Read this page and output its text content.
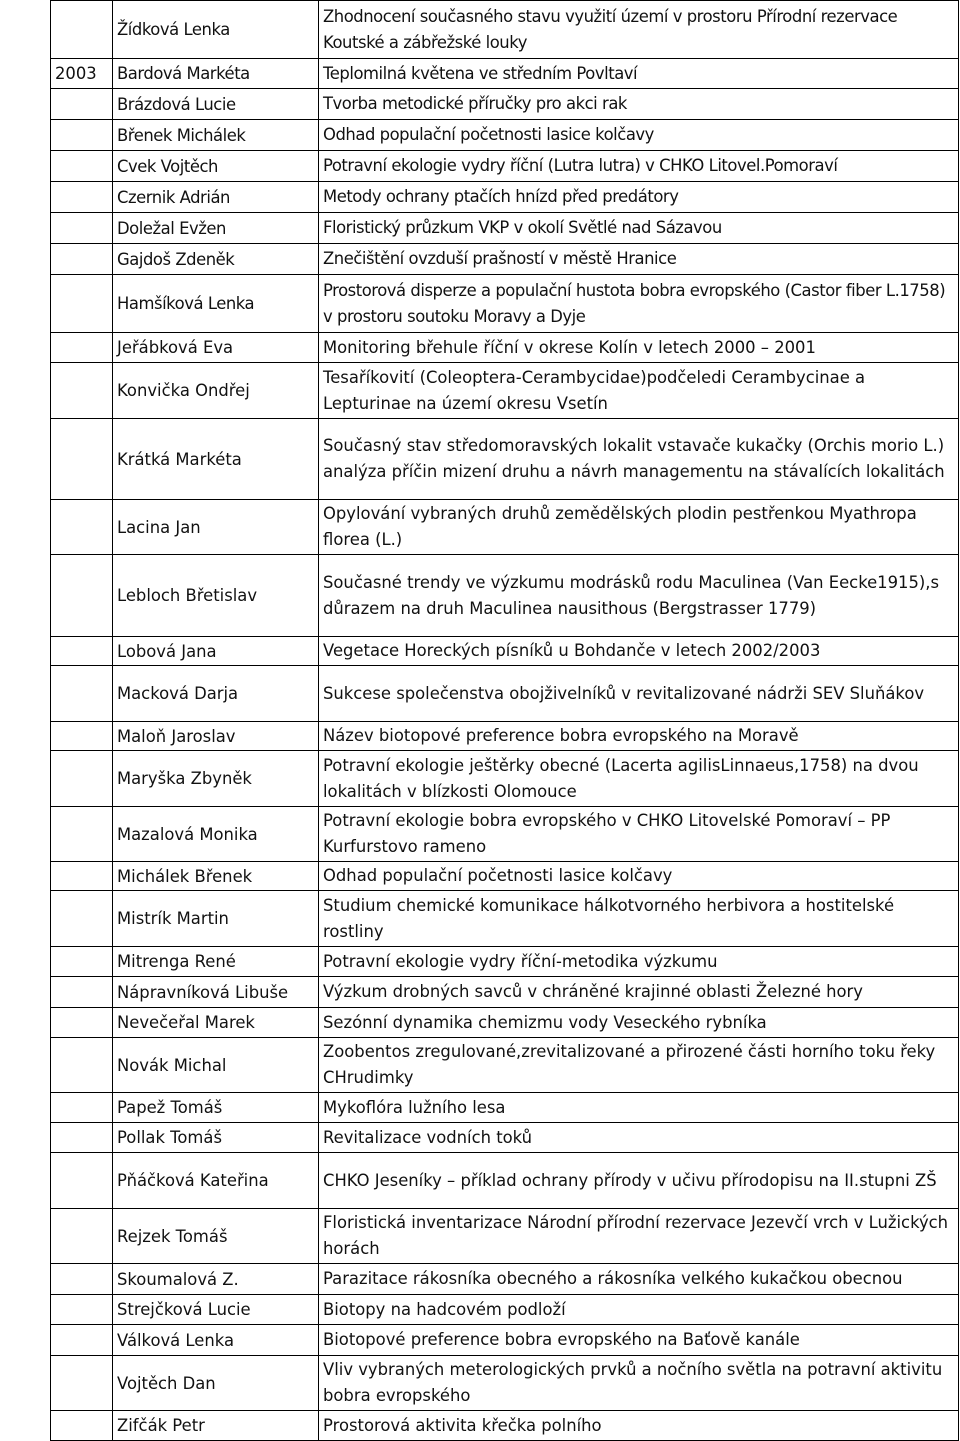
	Žídková Lenka	Zhodnocení současného stavu využití území v prostoru Přírodní rezervace Koutské a zábřežské louky
2003	Bardová Markéta	Teplomilná květena ve středním Povltaví
	Brázdová Lucie	Tvorba metodické příručky pro akci rak
	Břenek Michálek	Odhad populační početnosti lasice kolčavy
	Cvek Vojtěch	Potravní ekologie vydry říční (Lutra lutra) v CHKO Litovel.Pomoraví
	Czernik Adrián	Metody ochrany ptačích hnízd před predátory
	Doležal Evžen	Floristický průzkum VKP v okolí Světlé nad Sázavou
	Gajdoš Zdeněk	Znečištění ovzduší prašností v městě Hranice
	Hamšíková Lenka	Prostorová disperze a populační hustota bobra evropského (Castor fiber L.1758) v prostoru soutoku Moravy a Dyje
	Jeřábková Eva	Monitoring břehule říční v okrese Kolín v letech 2000 – 2001
	Konvička Ondřej	Tesaříkovití (Coleoptera-Cerambycidae)podčeledi Cerambycinae a Lepturinae na území okresu Vsetín
	Krátká Markéta	Současný stav středomoravských lokalit vstavače kukačky (Orchis morio L.) analýza příčin mizení druhu a návrh managementu na stávalících lokalitách
	Lacina Jan	Opylování vybraných druhů zemědělských plodin pestřenkou Myathropa florea (L.)
	Lebloch Břetislav	Současné trendy ve výzkumu modrásků rodu Maculinea (Van Eecke1915),s důrazem na druh Maculinea nausithous (Bergstrasser 1779)
	Lobová Jana	Vegetace Horeckých písníků u Bohdanče v letech 2002/2003
	Macková Darja	Sukcese společenstva obojživelníků v revitalizované nádrži SEV Sluňákov
	Maloň Jaroslav	Název biotopové preference bobra evropského na Moravě
	Maryška Zbyněk	Potravní ekologie ještěrky obecné (Lacerta agilisLinnaeus,1758) na dvou lokalitách v blízkosti Olomouce
	Mazalová Monika	Potravní ekologie bobra evropského v CHKO Litovelské Pomoraví – PP Kurfurstovo rameno
	Michálek Břenek	Odhad populační početnosti lasice kolčavy
	Mistrík Martin	Studium chemické komunikace hálkotvorného herbivora a hostitelské rostliny
	Mitrenga René	Potravní ekologie vydry říční-metodika výzkumu
	Nápravníková Libuše	Výzkum drobných savců v chráněné krajinné oblasti Železné hory
	Nevečeřal Marek	Sezónní dynamika chemizmu vody Veseckého rybníka
	Novák Michal	Zoobentos zregulované,zrevitalizované a přirozené části horního toku řeky CHrudimky
	Papež Tomáš	Mykoflóra lužního lesa
	Pollak Tomáš	Revitalizace vodních toků
	Pňáčková Kateřina	CHKO Jeseníky – příklad ochrany přírody v učivu přírodopisu na II.stupni ZŠ
	Rejzek Tomáš	Floristická inventarizace Národní přírodní rezervace Jezevčí vrch v Lužických horách
	Skoumalová Z.	Parazitace rákosníka obecného a rákosníka velkého kukačkou obecnou
	Strejčková Lucie	Biotopy na hadcovém podloží
	Válková Lenka	Biotopové preference bobra evropského na Baťově kanále
	Vojtěch Dan	Vliv vybraných meterologických prvků a nočního světla na potravní aktivitu bobra evropského
	Zifčák Petr	Prostorová aktivita křečka polního
